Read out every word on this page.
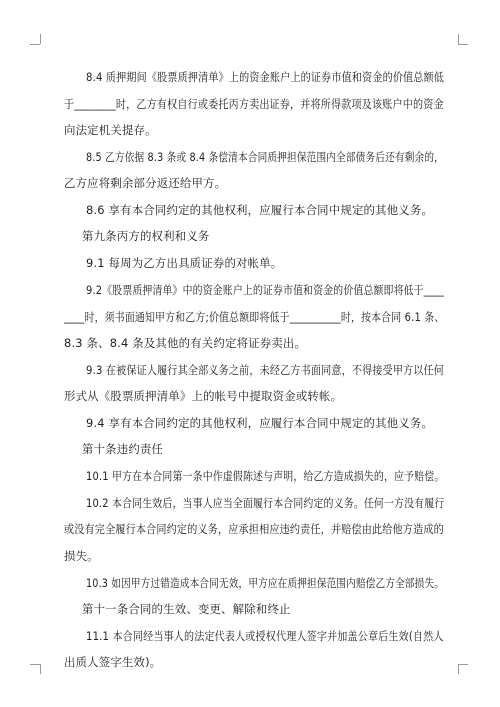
8.4 质押期间《股票质押清单》上的资金账户上的证券市值和资金的价值总额低
于________时，乙方有权自行或委托丙方卖出证券，并将所得款项及该账户中的资金
向法定机关提存。
8.5 乙方依据 8.3 条或 8.4 条偿清本合同质押担保范围内全部债务后还有剩余的，
乙方应将剩余部分返还给甲方。
8.6 享有本合同约定的其他权利，应履行本合同中规定的其他义务。
第九条丙方的权利和义务
9.1 每周为乙方出具质证券的对帐单。
9.2《股票质押清单》中的资金账户上的证券市值和资金的价值总额即将低于____
____时，须书面通知甲方和乙方;价值总额即将低于__________时，按本合同 6.1 条、
8.3 条、8.4 条及其他的有关约定将证券卖出。
9.3 在被保证人履行其全部义务之前，未经乙方书面同意，不得接受甲方以任何
形式从《股票质押清单》上的帐号中提取资金或转帐。
9.4 享有本合同约定的其他权利，应履行本合同中规定的其他义务。
第十条违约责任
10.1 甲方在本合同第一条中作虚假陈述与声明，给乙方造成损失的，应予赔偿。
10.2 本合同生效后，当事人应当全面履行本合同约定的义务。任何一方没有履行
或没有完全履行本合同约定的义务，应承担相应违约责任，并赔偿由此给他方造成的
损失。
10.3 如因甲方过错造成本合同无效，甲方应在质押担保范围内赔偿乙方全部损失。
第十一条合同的生效、变更、解除和终止
11.1 本合同经当事人的法定代表人或授权代理人签字并加盖公章后生效(自然人
出质人签字生效)。
